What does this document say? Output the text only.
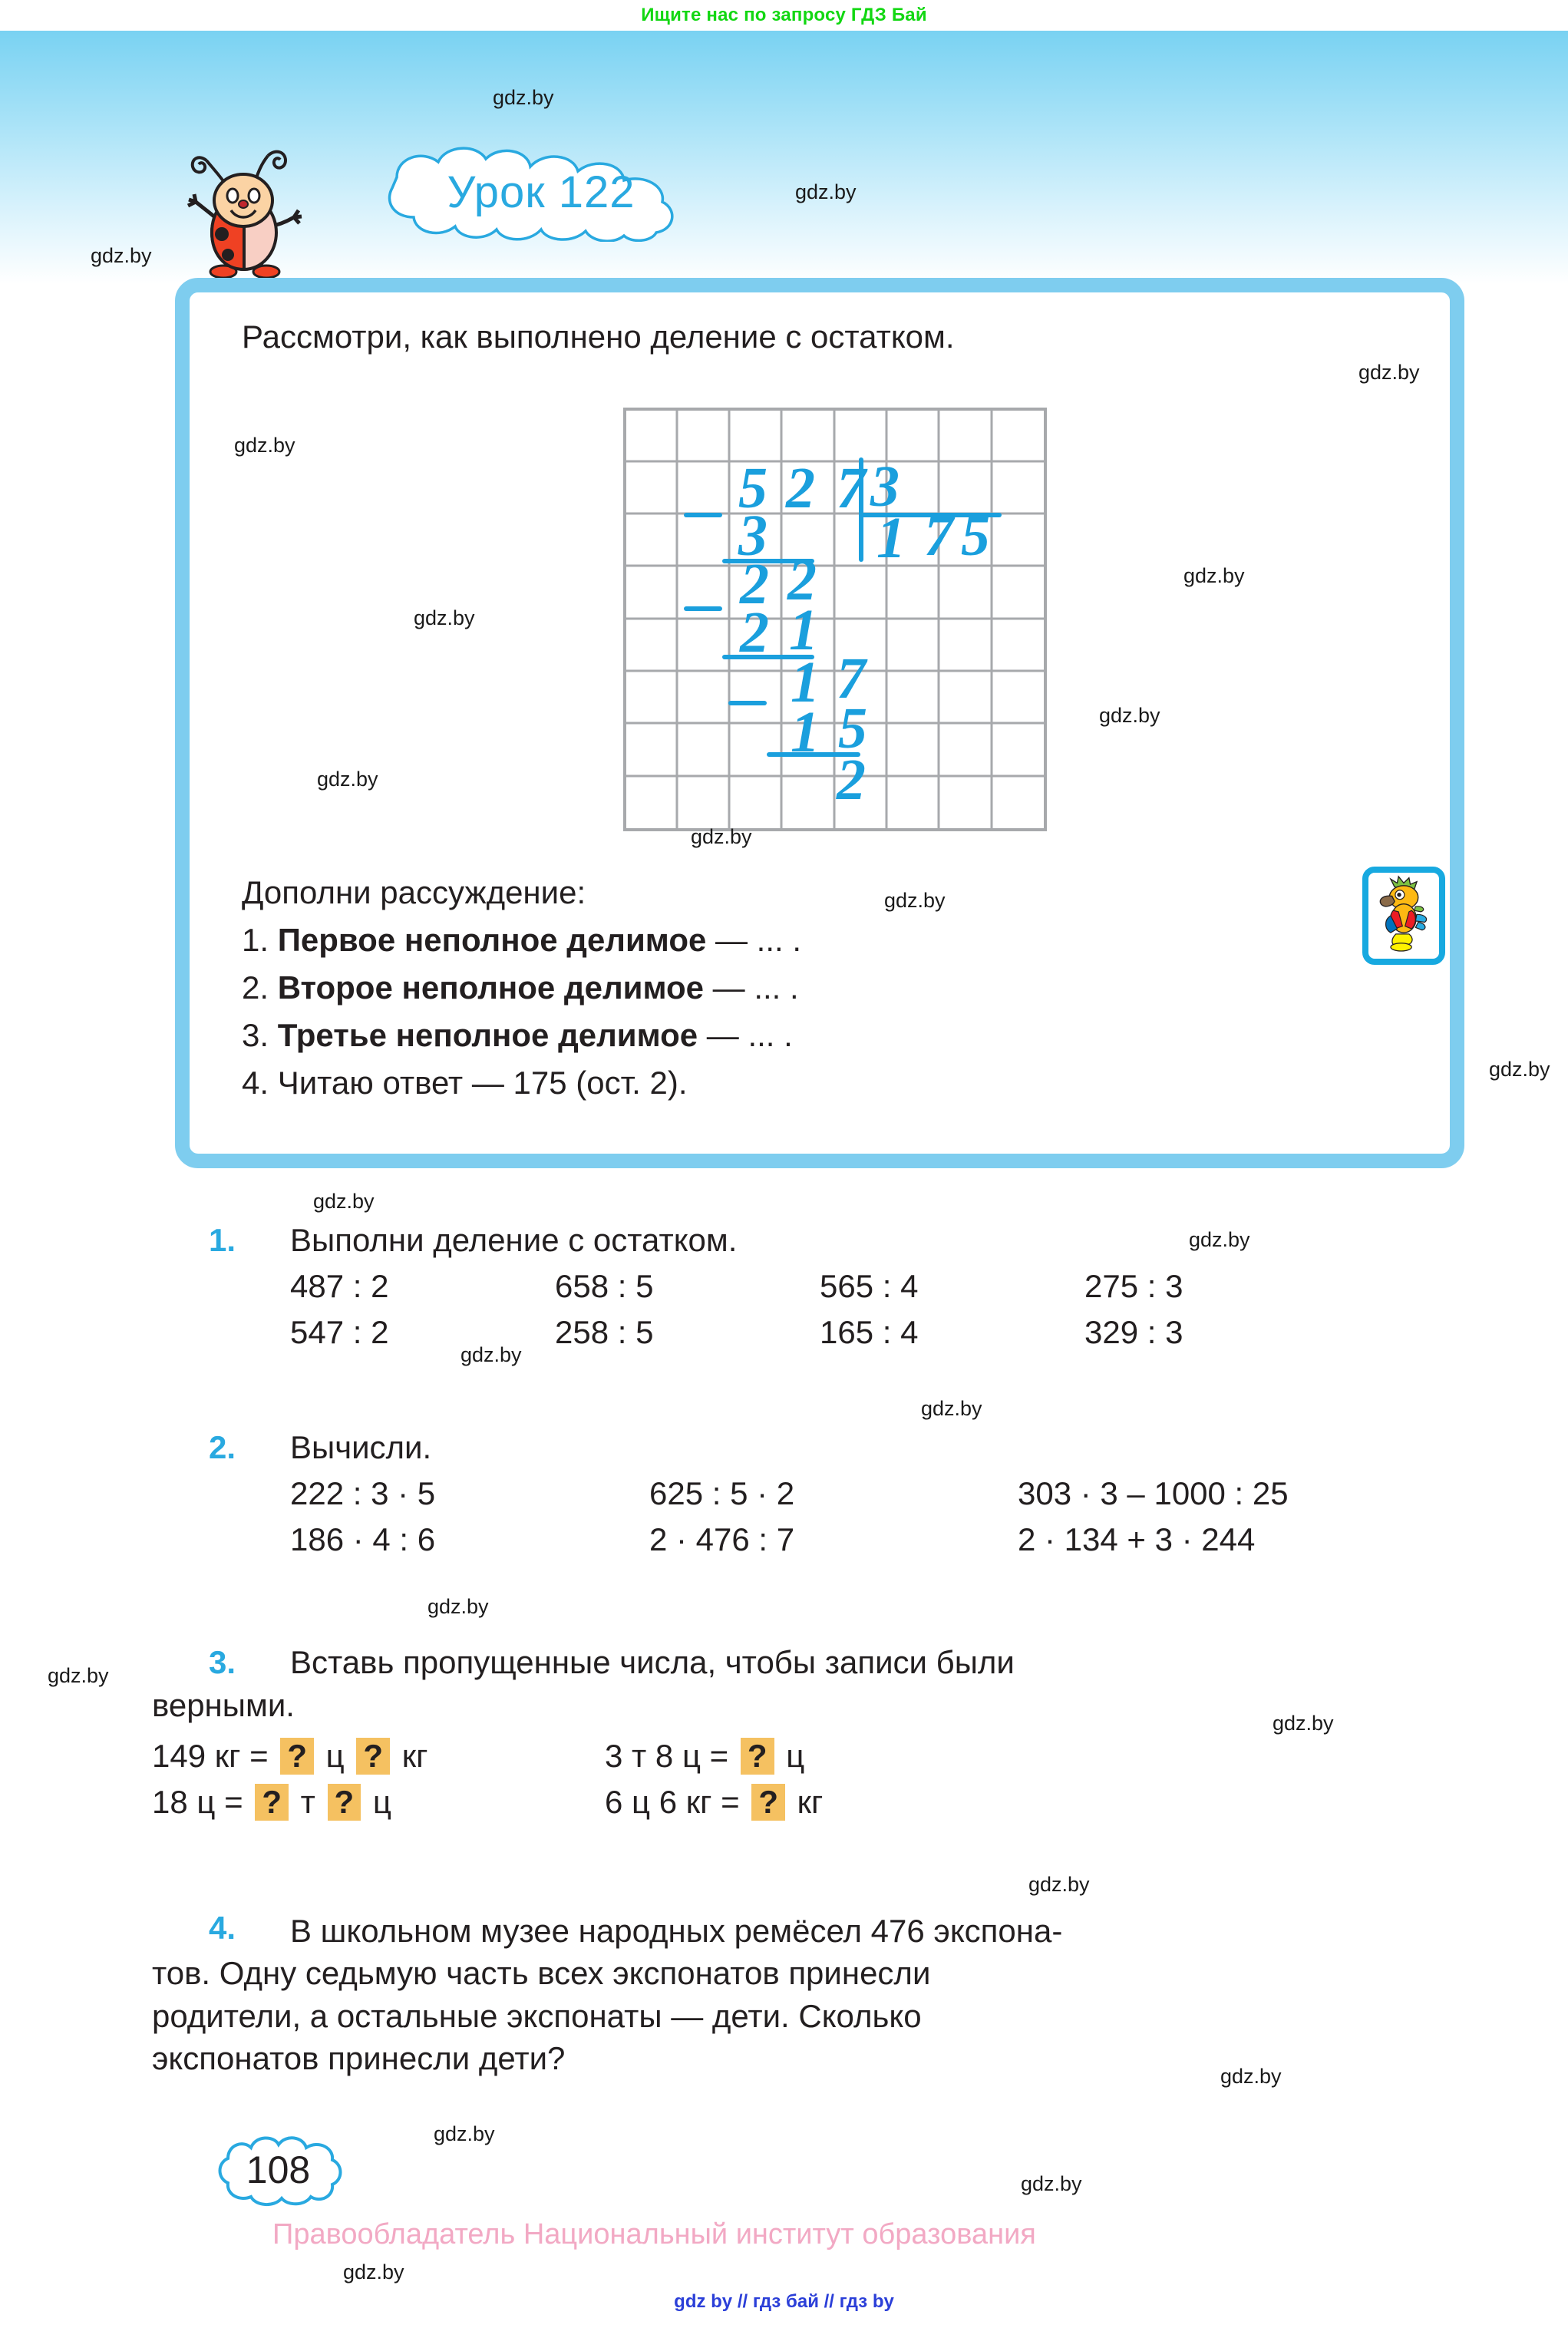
Ищите нас по запросу ГДЗ Бай
Урок 122
Рассмотри, как выполнено деление с остатком.
5 2 7 3
1 7 5
3
2 2
2 1
1 7
1 5
2
Дополни рассуждение:
1. Первое неполное делимое — ... .
2. Второе неполное делимое — ... .
3. Третье неполное делимое — ... .
4. Читаю ответ — 175 (ост. 2).
1. Выполни деление с остатком.
487 : 2	658 : 5	565 : 4	275 : 3
547 : 2	258 : 5	165 : 4	329 : 3
2. Вычисли.
222 : 3 · 5	625 : 5 · 2	303 · 3 – 1000 : 25
186 · 4 : 6	2 · 476 : 7	2 · 134 + 3 · 244
3. Вставь пропущенные числа, чтобы записи были
верными.
149 кг = ? ц ? кг	3 т 8 ц = ? ц
18 ц = ? т ? ц	6 ц 6 кг = ? кг
4. В школьном музее народных ремёсел 476 экспона-
тов. Одну седьмую часть всех экспонатов принесли
родители, а остальные экспонаты — дети. Сколько
экспонатов принесли дети?
108
Правообладатель Национальный институт образования
gdz by // гдз бай // гдз by
gdz.by
gdz.by
gdz.by
gdz.by
gdz.by
gdz.by
gdz.by
gdz.by
gdz.by
gdz.by
gdz.by
gdz.by
gdz.by
gdz.by
gdz.by
gdz.by
gdz.by
gdz.by
gdz.by
gdz.by
gdz.by
gdz.by
gdz.by
gdz.by
